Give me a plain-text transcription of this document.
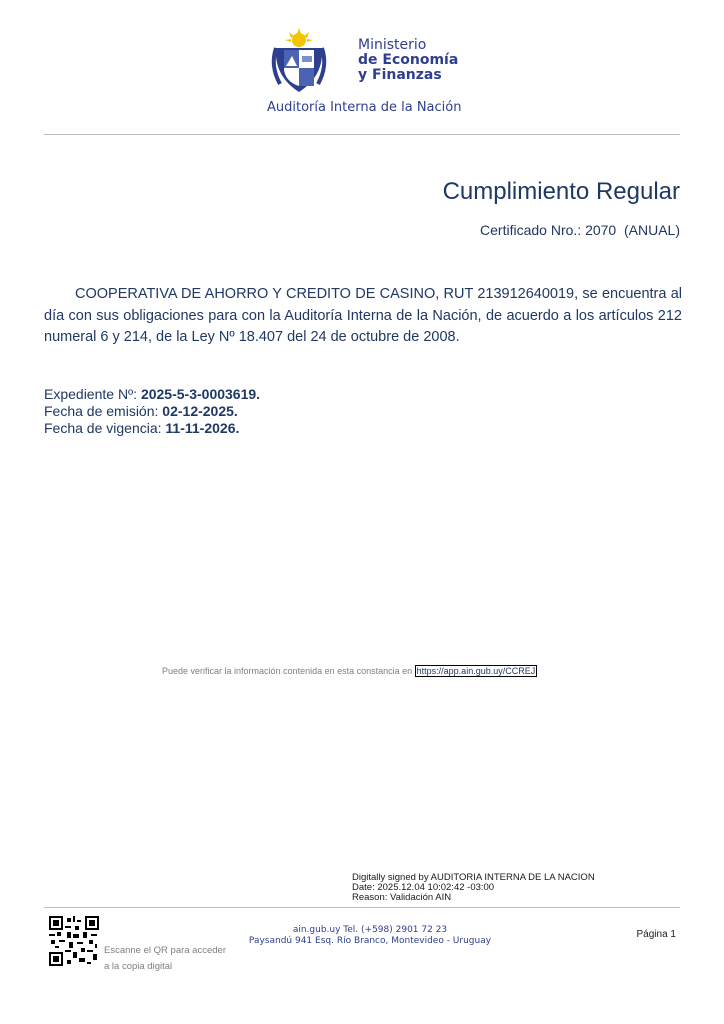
Ministerio
de Economía
y Finanzas
Auditoría Interna de la Nación
Cumplimiento Regular
Certificado Nro.: 2070  (ANUAL)
COOPERATIVA DE AHORRO Y CREDITO DE CASINO, RUT 213912640019, se encuentra al día con sus obligaciones para con la Auditoría Interna de la Nación, de acuerdo a los artículos 212 numeral 6 y 214, de la Ley Nº 18.407 del 24 de octubre de 2008.
Expediente Nº: 2025-5-3-0003619.
Fecha de emisión: 02-12-2025.
Fecha de vigencia: 11-11-2026.
Puede verificar la información contenida en esta constancia en https://app.ain.gub.uy/CCREJ
Digitally signed by AUDITORIA INTERNA DE LA NACION
Date: 2025.12.04 10:02:42 -03:00
Reason: Validación AIN
Escanne el QR para acceder
a la copia digital
ain.gub.uy Tel. (+598) 2901 72 23
Paysandú 941 Esq. Río Branco, Montevideo - Uruguay
Página 1
